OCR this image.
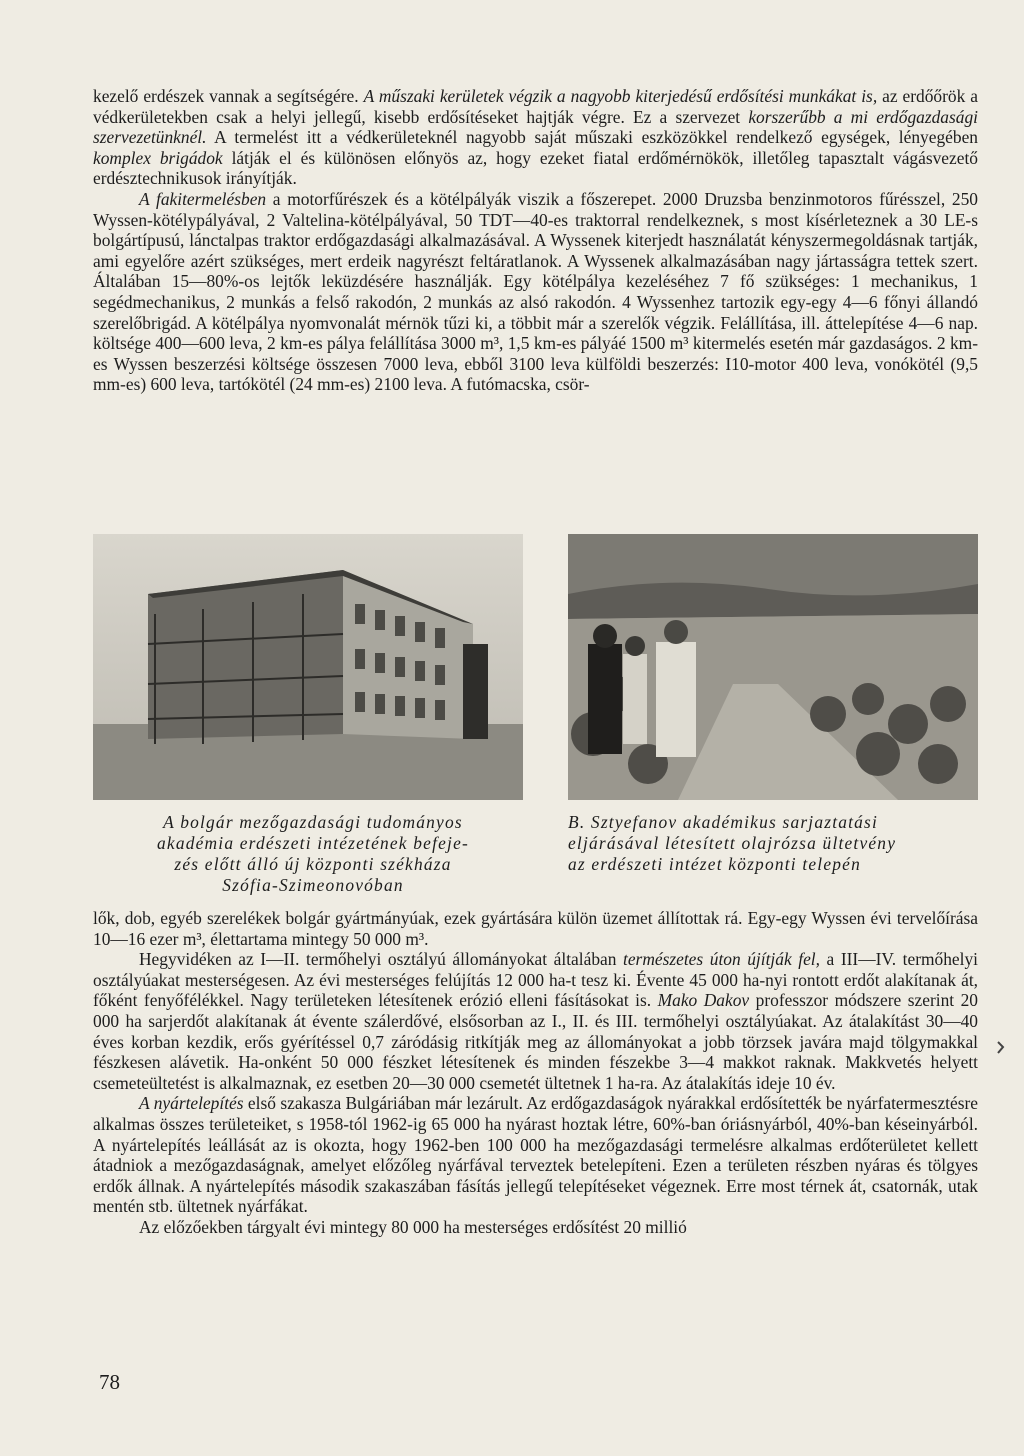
kezelő erdészek vannak a segítségére. A műszaki kerületek végzik a nagyobb kiterjedésű erdősítési munkákat is, az erdőőrök a védkerületekben csak a helyi jellegű, kisebb erdősítéseket hajtják végre. Ez a szervezet korszerűbb a mi erdőgazdasági szervezetünknél. A termelést itt a védkerületeknél nagyobb saját műszaki eszközökkel rendelkező egységek, lényegében komplex brigádok látják el és különösen előnyös az, hogy ezeket fiatal erdőmérnökök, illetőleg tapasztalt vágásvezető erdésztechnikusok irányítják.

A fakitermelésben a motorfűrészek és a kötélpályák viszik a főszerepet. 2000 Druzsba benzinmotoros fűrésszel, 250 Wyssen-kötélypályával, 2 Valtelina-kötélpályával, 50 TDT—40-es traktorral rendelkeznek, s most kísérleteznek a 30 LE-s bolgártípusú, lánctalpas traktor erdőgazdasági alkalmazásával. A Wyssenek kiterjedt használatát kényszermegoldásnak tartják, ami egyelőre azért szükséges, mert erdeik nagyrészt feltáratlanok. A Wyssenek alkalmazásában nagy jártasságra tettek szert. Általában 15—80%-os lejtők leküzdésére használják. Egy kötélpálya kezeléséhez 7 fő szükséges: 1 mechanikus, 1 segédmechanikus, 2 munkás a felső rakodón, 2 munkás az alsó rakodón. 4 Wyssenhez tartozik egy-egy 4—6 főnyi állandó szerelőbrigád. A kötélpálya nyomvonalát mérnök tűzi ki, a többit már a szerelők végzik. Felállítása, ill. áttelepítése 4—6 nap. költsége 400—600 leva, 2 km-es pálya felállítása 3000 m³, 1,5 km-es pályáé 1500 m³ kitermelés esetén már gazdaságos. 2 km-es Wyssen beszerzési költsége összesen 7000 leva, ebből 3100 leva külföldi beszerzés: I10-motor 400 leva, vonókötél (9,5 mm-es) 600 leva, tartókötél (24 mm-es) 2100 leva. A futómacska, csör-

A bolgár mezőgazdasági tudományos
akadémia erdészeti intézetének befeje-
zés előtt álló új központi székháza
Szófia-Szimeonovóban
B. Sztyefanov akadémikus sarjaztatási
eljárásával létesített olajrózsa ültetvény
az erdészeti intézet központi telepén

lők, dob, egyéb szerelékek bolgár gyártmányúak, ezek gyártására külön üzemet állítottak rá. Egy-egy Wyssen évi tervelőírása 10—16 ezer m³, élettartama mintegy 50 000 m³.

Hegyvidéken az I—II. termőhelyi osztályú állományokat általában természetes úton újítják fel, a III—IV. termőhelyi osztályúakat mesterségesen. Az évi mesterséges felújítás 12 000 ha-t tesz ki. Évente 45 000 ha-nyi rontott erdőt alakítanak át, főként fenyőfélékkel. Nagy területeken létesítenek erózió elleni fásításokat is. Mako Dakov professzor módszere szerint 20 000 ha sarjerdőt alakítanak át évente szálerdővé, elsősorban az I., II. és III. termőhelyi osztályúakat. Az átalakítást 30—40 éves korban kezdik, erős gyérítéssel 0,7 záródásig ritkítják meg az állományokat a jobb törzsek javára majd tölgymakkal fészkesen alávetik. Ha-onként 50 000 fészket létesítenek és minden fészekbe 3—4 makkot raknak. Makkvetés helyett csemeteültetést is alkalmaznak, ez esetben 20—30 000 csemetét ültetnek 1 ha-ra. Az átalakítás ideje 10 év.

A nyártelepítés első szakasza Bulgáriában már lezárult. Az erdőgazdaságok nyárakkal erdősítették be nyárfatermesztésre alkalmas összes területeiket, s 1958-tól 1962-ig 65 000 ha nyárast hoztak létre, 60%-ban óriásnyárból, 40%-ban késeinyárból. A nyártelepítés leállását az is okozta, hogy 1962-ben 100 000 ha mezőgazdasági termelésre alkalmas erdőterületet kellett átadniok a mezőgazdaságnak, amelyet előzőleg nyárfával terveztek betelepíteni. Ezen a területen részben nyáras és tölgyes erdők állnak. A nyártelepítés második szakaszában fásítás jellegű telepítéseket végeznek. Erre most térnek át, csatornák, utak mentén stb. ültetnek nyárfákat.

Az előzőekben tárgyalt évi mintegy 80 000 ha mesterséges erdősítést 20 millió

78
